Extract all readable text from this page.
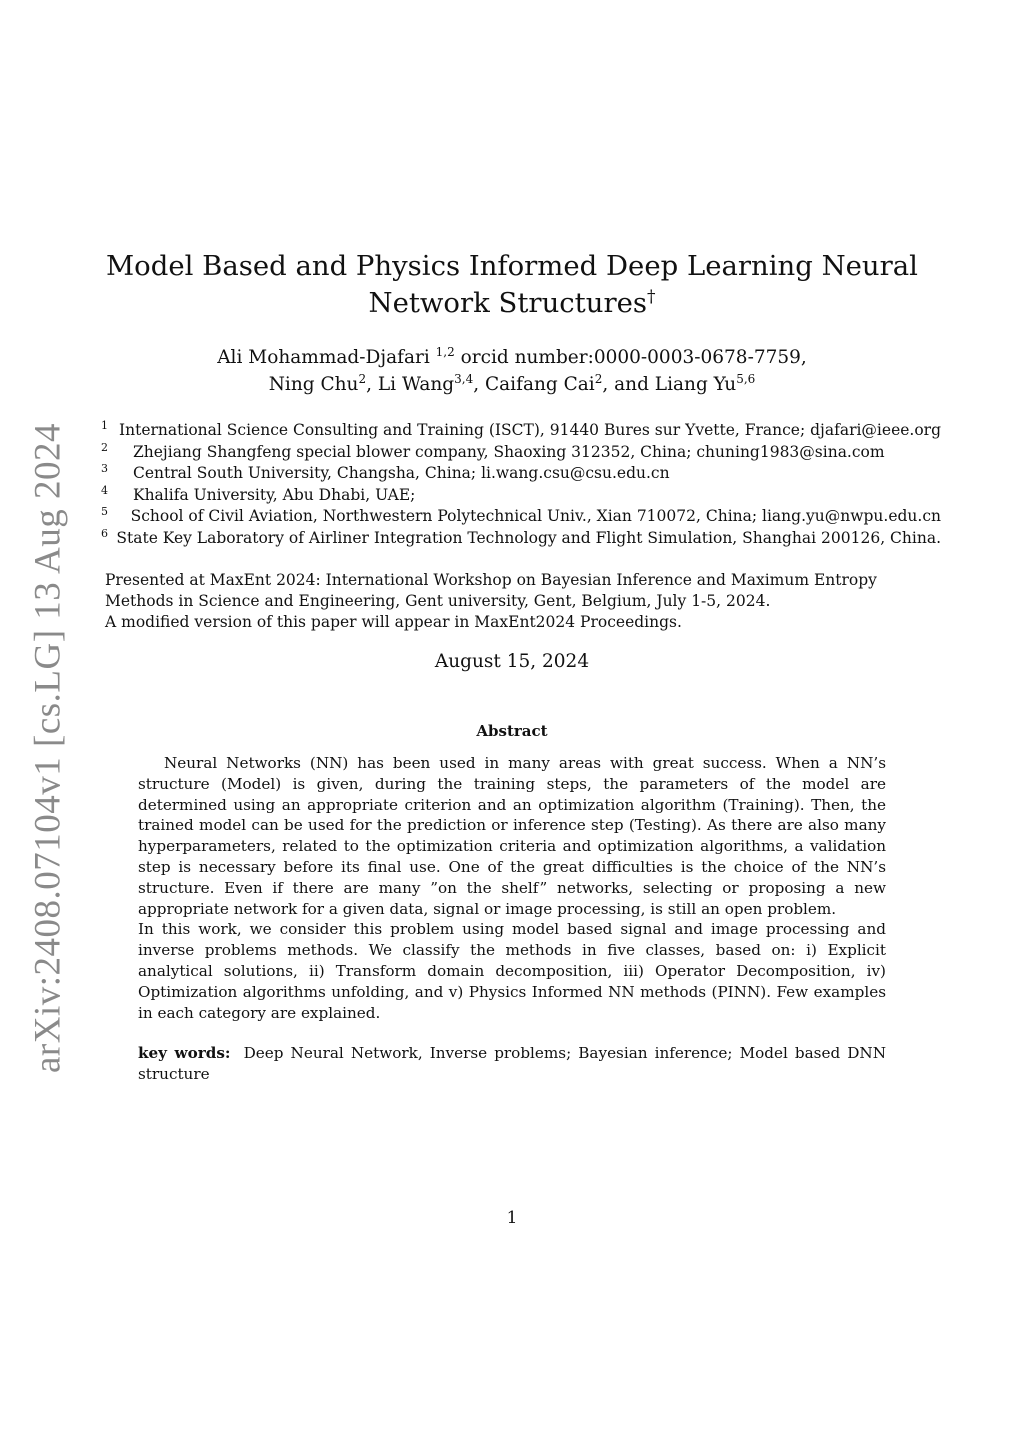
arXiv:2408.07104v1 [cs.LG] 13 Aug 2024
Model Based and Physics Informed Deep Learning Neural
Network Structures†
Ali Mohammad-Djafari $^{1,2}$ orcid number:0000-0003-0678-7759,
Ning Chu$^2$, Li Wang$^{3,4}$, Caifang Cai$^2$, and Liang Yu$^{5,6}$
1 International Science Consulting and Training (ISCT), 91440 Bures sur Yvette, France; djafari@ieee.org
2	Zhejiang Shangfeng special blower company, Shaoxing 312352, China; chuning1983@sina.com
3	Central South University, Changsha, China; li.wang.csu@csu.edu.cn
4	Khalifa University, Abu Dhabi, UAE;
5	School of Civil Aviation, Northwestern Polytechnical Univ., Xian 710072, China; liang.yu@nwpu.edu.cn
6 State Key Laboratory of Airliner Integration Technology and Flight Simulation, Shanghai 200126, China.
Presented at MaxEnt 2024: International Workshop on Bayesian Inference and Maximum Entropy
Methods in Science and Engineering, Gent university, Gent, Belgium, July 1-5, 2024.
A modified version of this paper will appear in MaxEnt2024 Proceedings.
August 15, 2024
Abstract

Neural Networks (NN) has been used in many areas with great success. When a NN’s structure (Model) is given, during the training steps, the parameters of the model are determined using an appropriate criterion and an optimization algorithm (Training). Then, the trained model can be used for the prediction or inference step (Testing). As there are also many hyperparameters, related to the optimization criteria and optimization algorithms, a validation step is necessary before its final use. One of the great difficulties is the choice of the NN’s structure. Even if there are many ”on the shelf” networks, selecting or proposing a new appropriate network for a given data, signal or image processing, is still an open problem.

In this work, we consider this problem using model based signal and image processing and inverse problems methods. We classify the methods in five classes, based on: i) Explicit analytical solutions, ii) Transform domain decomposition, iii) Operator Decomposition, iv) Optimization algorithms unfolding, and v) Physics Informed NN methods (PINN). Few examples in each category are explained.

key words: Deep Neural Network, Inverse problems; Bayesian inference; Model based DNN structure
1
